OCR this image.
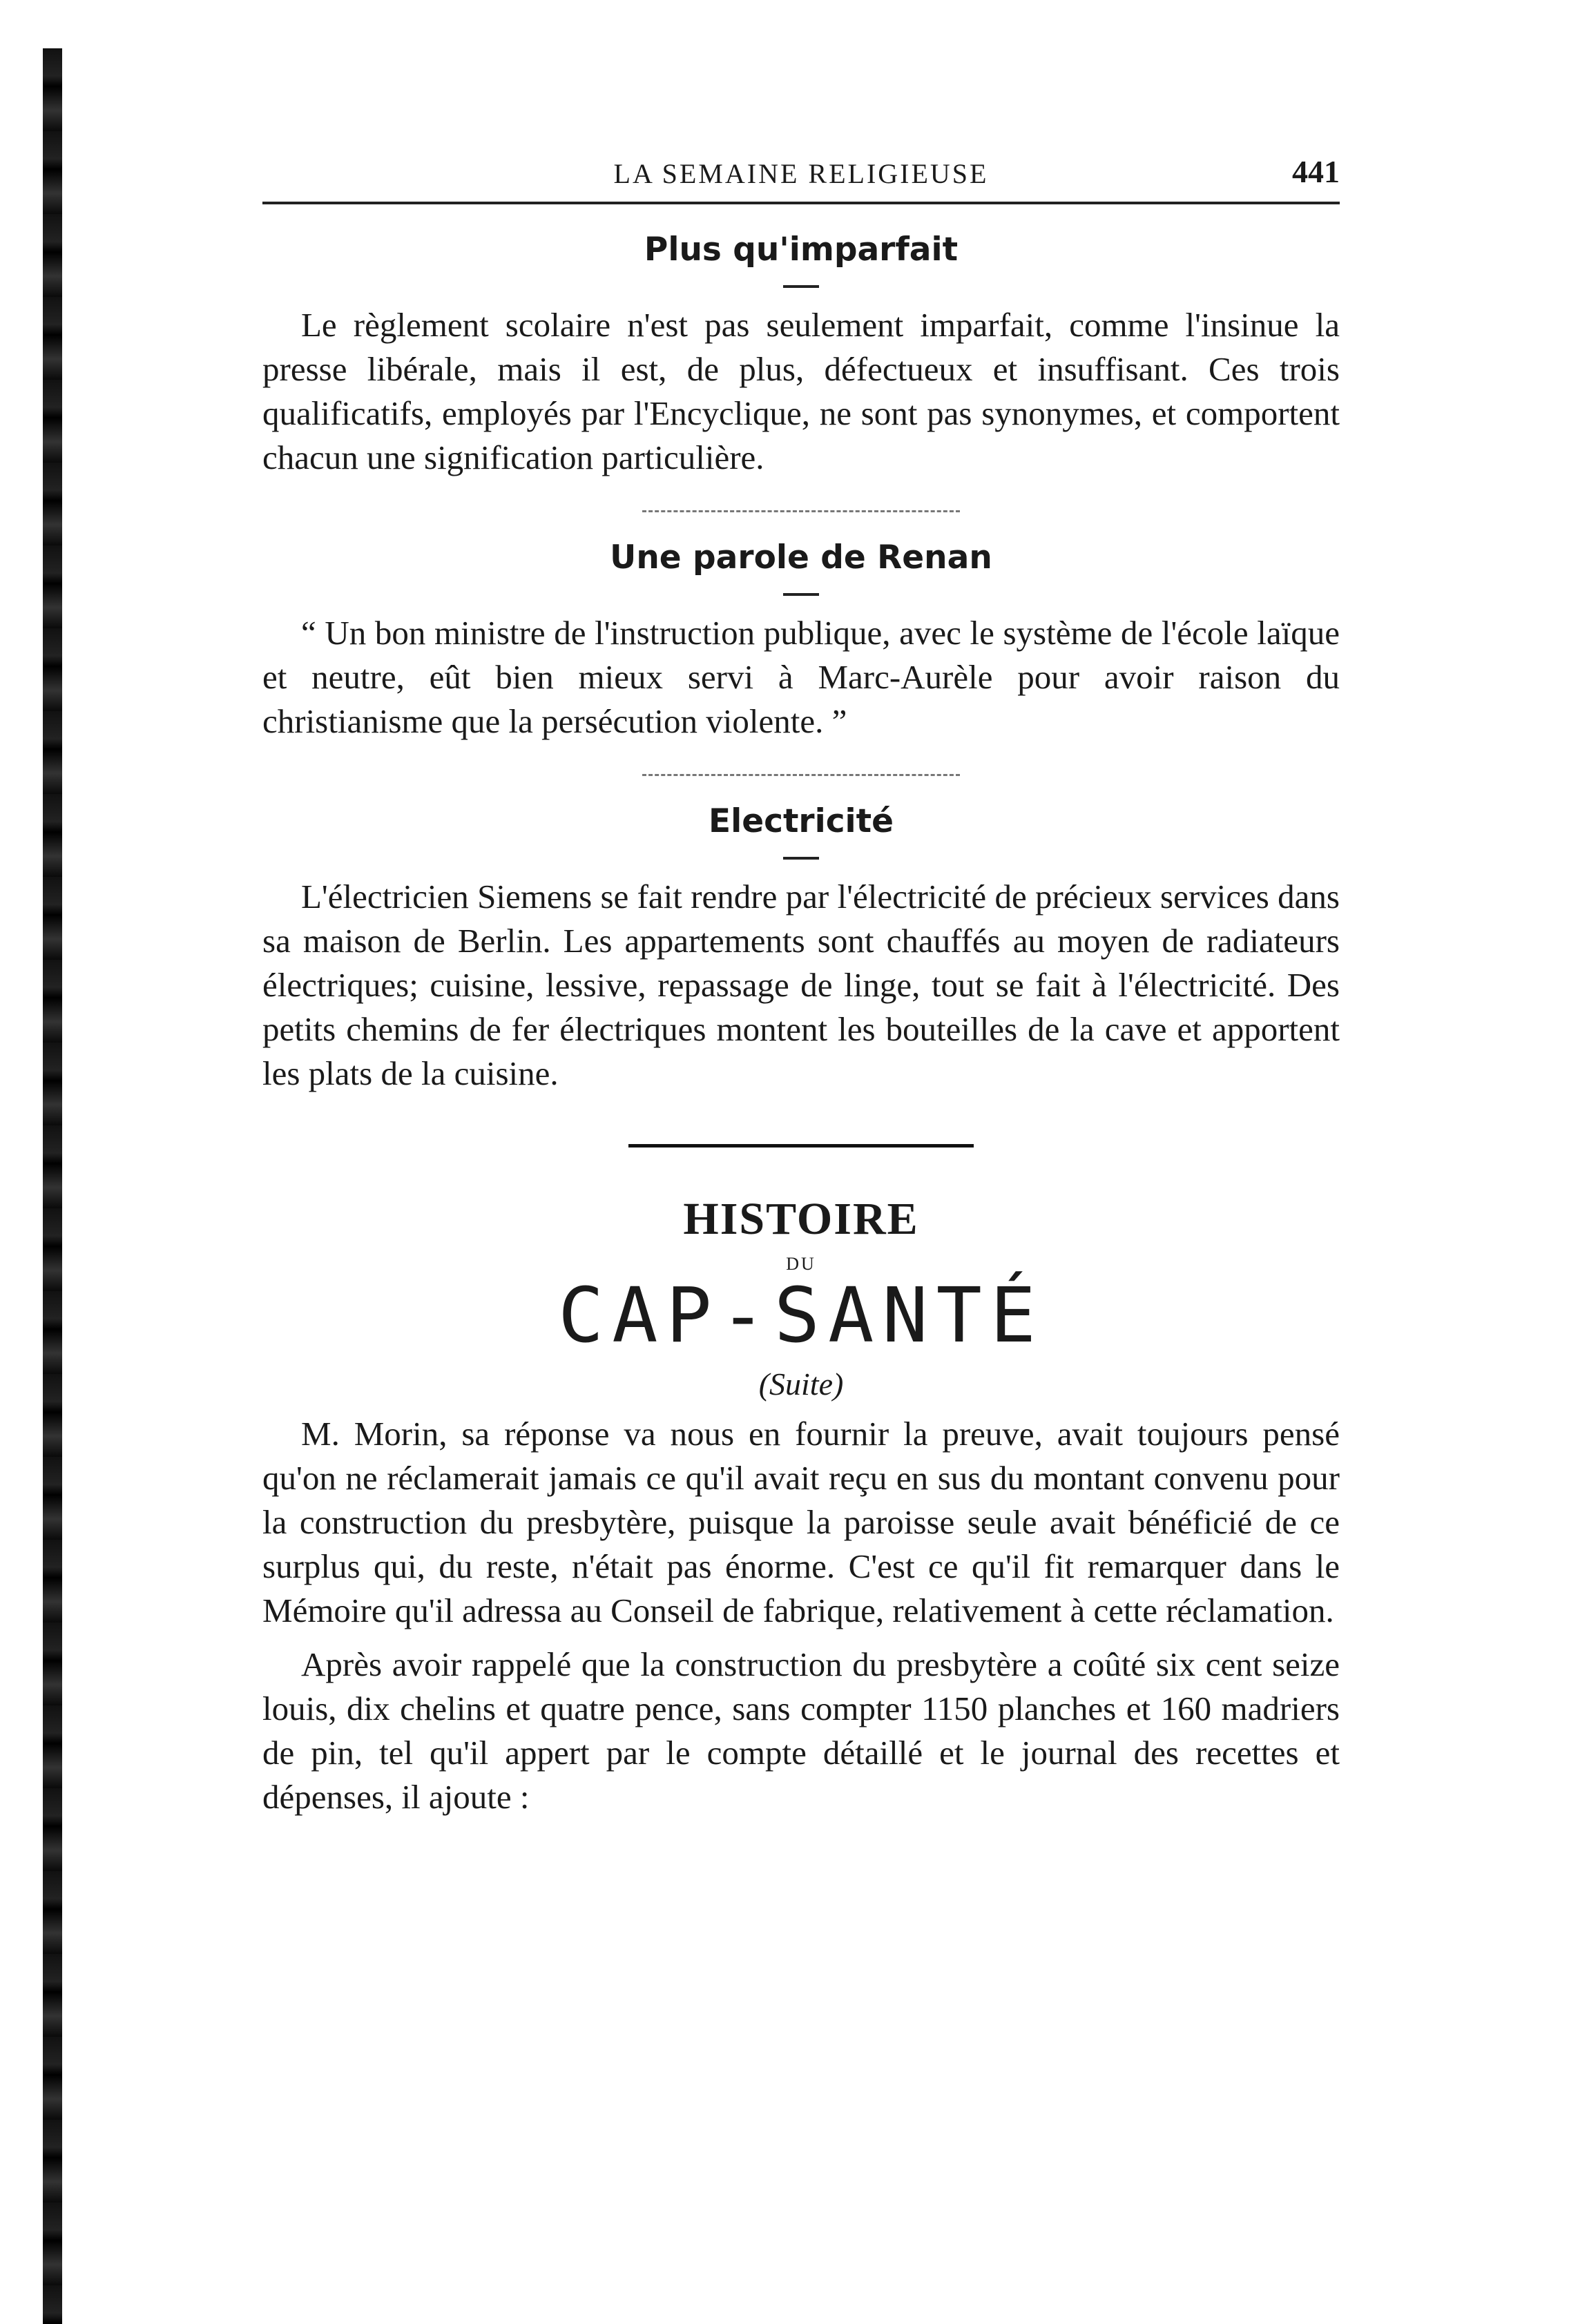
LA SEMAINE RELIGIEUSE	441
Plus qu'imparfait

Le règlement scolaire n'est pas seulement imparfait, comme l'insinue la presse libérale, mais il est, de plus, défectueux et insuffisant. Ces trois qualificatifs, employés par l'Encyclique, ne sont pas synonymes, et comportent chacun une signification particulière.

Une parole de Renan

“ Un bon ministre de l'instruction publique, avec le système de l'école laïque et neutre, eût bien mieux servi à Marc-Aurèle pour avoir raison du christianisme que la persécution violente. ”

Electricité

L'électricien Siemens se fait rendre par l'électricité de précieux services dans sa maison de Berlin. Les appartements sont chauffés au moyen de radiateurs électriques; cuisine, lessive, repassage de linge, tout se fait à l'électricité. Des petits chemins de fer électriques montent les bouteilles de la cave et apportent les plats de la cuisine.

HISTOIRE
DU
CAP-SANTÉ
(Suite)

M. Morin, sa réponse va nous en fournir la preuve, avait toujours pensé qu'on ne réclamerait jamais ce qu'il avait reçu en sus du montant convenu pour la construction du presbytère, puisque la paroisse seule avait bénéficié de ce surplus qui, du reste, n'était pas énorme. C'est ce qu'il fit remarquer dans le Mémoire qu'il adressa au Conseil de fabrique, relativement à cette réclamation.

Après avoir rappelé que la construction du presbytère a coûté six cent seize louis, dix chelins et quatre pence, sans compter 1150 planches et 160 madriers de pin, tel qu'il appert par le compte détaillé et le journal des recettes et dépenses, il ajoute :
